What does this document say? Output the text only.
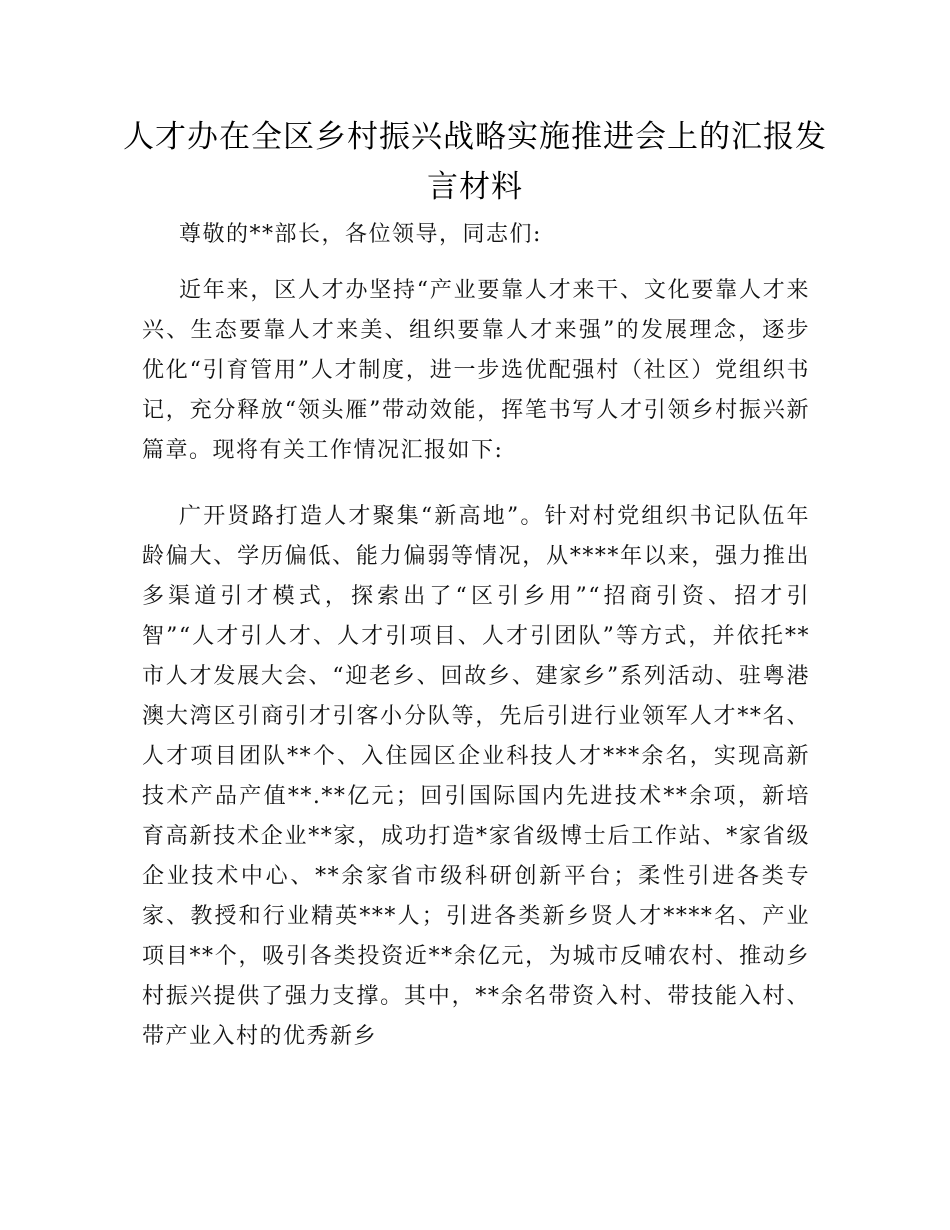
人才办在全区乡村振兴战略实施推进会上的汇报发言材料

尊敬的**部长，各位领导，同志们:

近年来，区人才办坚持“产业要靠人才来干、文化要靠人才来兴、生态要靠人才来美、组织要靠人才来强”的发展理念，逐步优化“引育管用”人才制度，进一步选优配强村（社区）党组织书记，充分释放“领头雁”带动效能，挥笔书写人才引领乡村振兴新篇章。现将有关工作情况汇报如下:

广开贤路打造人才聚集“新高地”。针对村党组织书记队伍年龄偏大、学历偏低、能力偏弱等情况，从****年以来，强力推出多渠道引才模式，探索出了“区引乡用”“招商引资、招才引智”“人才引人才、人才引项目、人才引团队”等方式，并依托**市人才发展大会、“迎老乡、回故乡、建家乡”系列活动、驻粤港澳大湾区引商引才引客小分队等，先后引进行业领军人才**名、人才项目团队**个、入住园区企业科技人才***余名，实现高新技术产品产值**.**亿元；回引国际国内先进技术**余项，新培育高新技术企业**家，成功打造*家省级博士后工作站、*家省级企业技术中心、**余家省市级科研创新平台；柔性引进各类专家、教授和行业精英***人；引进各类新乡贤人才****名、产业项目**个，吸引各类投资近**余亿元，为城市反哺农村、推动乡村振兴提供了强力支撑。其中，**余名带资入村、带技能入村、带产业入村的优秀新乡
